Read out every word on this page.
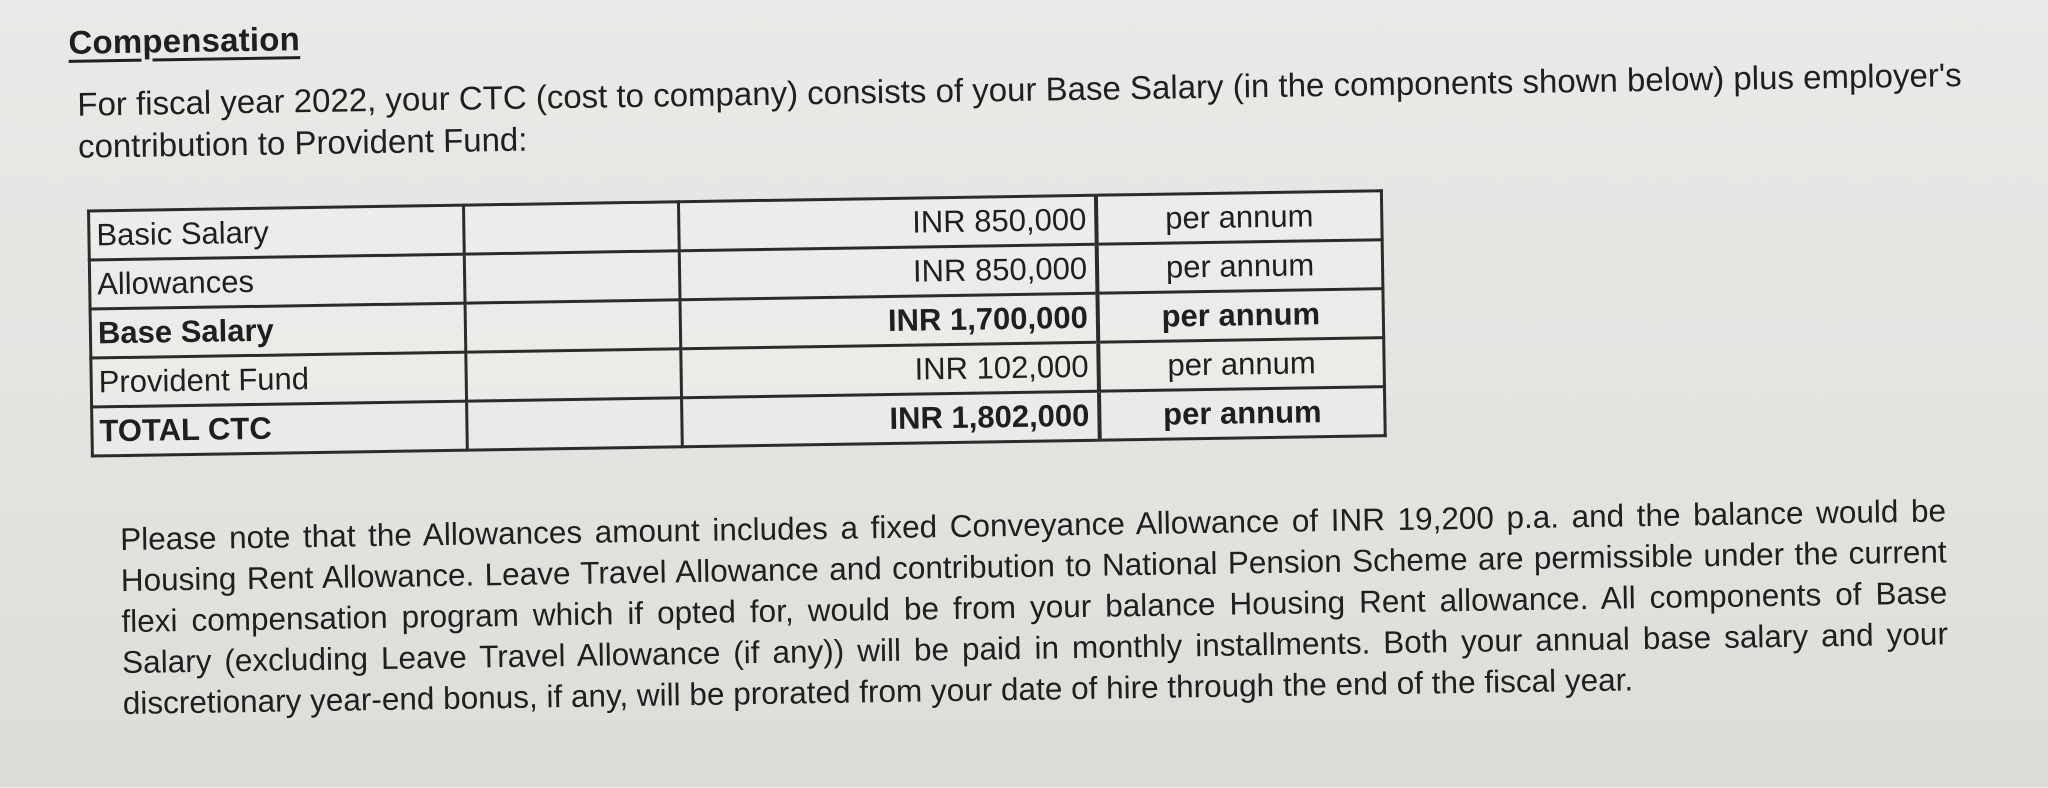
Compensation
For fiscal year 2022, your CTC (cost to company) consists of your Base Salary (in the components shown below) plus employer's contribution to Provident Fund:
Basic Salary		INR 850,000	per annum
Allowances		INR 850,000	per annum
Base Salary		INR 1,700,000	per annum
Provident Fund		INR 102,000	per annum
TOTAL CTC		INR 1,802,000	per annum
Please note that the Allowances amount includes a fixed Conveyance Allowance of INR 19,200 p.a. and the balance would be Housing Rent Allowance. Leave Travel Allowance and contribution to National Pension Scheme are permissible under the current flexi compensation program which if opted for, would be from your balance Housing Rent allowance. All components of Base Salary (excluding Leave Travel Allowance (if any)) will be paid in monthly installments. Both your annual base salary and your discretionary year-end bonus, if any, will be prorated from your date of hire through the end of the fiscal year.
